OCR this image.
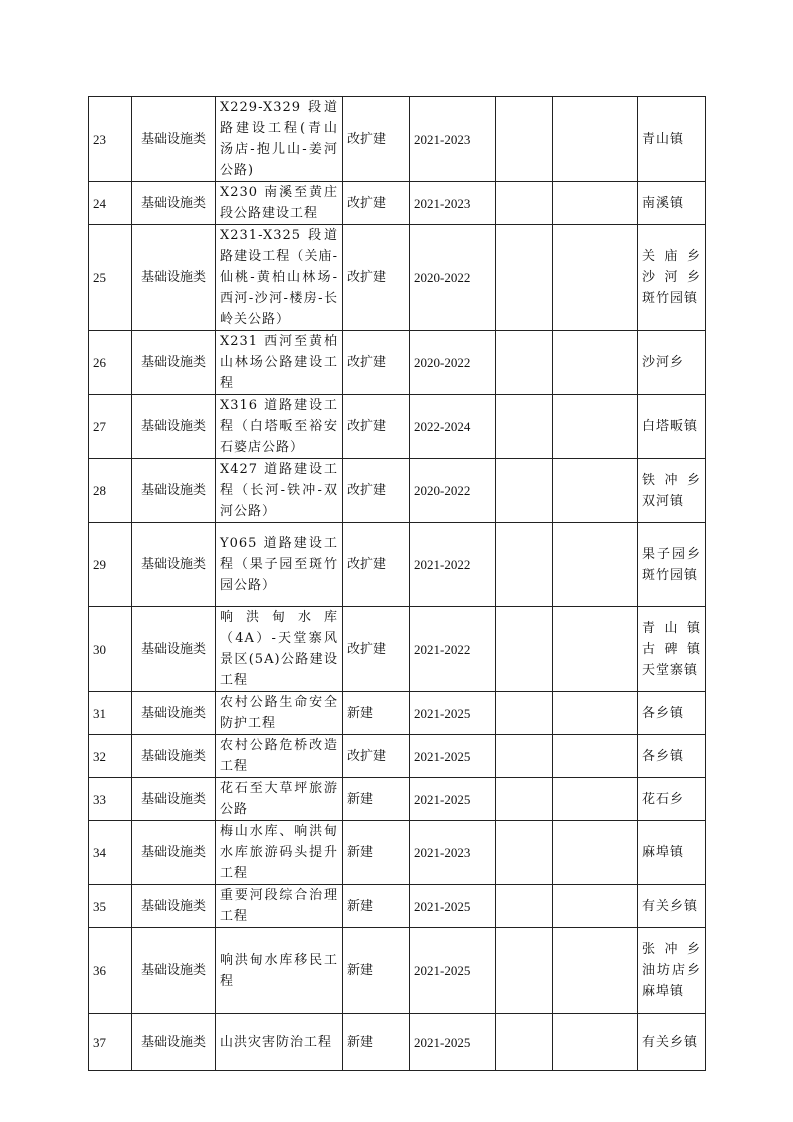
23	基础设施类	X229-X329 段道路建设工程(青山汤店-抱儿山-姜河公路)	改扩建	2021-2023			青山镇
24	基础设施类	X230 南溪至黄庄段公路建设工程	改扩建	2021-2023			南溪镇
25	基础设施类	X231-X325 段道路建设工程（关庙-仙桃-黄柏山林场-西河-沙河-楼房-长岭关公路）	改扩建	2020-2022			关庙乡 沙河乡 斑竹园镇
26	基础设施类	X231 西河至黄柏山林场公路建设工程	改扩建	2020-2022			沙河乡
27	基础设施类	X316 道路建设工程（白塔畈至裕安石婆店公路）	改扩建	2022-2024			白塔畈镇
28	基础设施类	X427 道路建设工程（长河-铁冲-双河公路）	改扩建	2020-2022			铁冲乡 双河镇
29	基础设施类	Y065 道路建设工程（果子园至斑竹园公路）	改扩建	2021-2022			果子园乡 斑竹园镇
30	基础设施类	响洪甸水库（4A）-天堂寨风景区(5A)公路建设工程	改扩建	2021-2022			青山镇 古碑镇 天堂寨镇
31	基础设施类	农村公路生命安全防护工程	新建	2021-2025			各乡镇
32	基础设施类	农村公路危桥改造工程	改扩建	2021-2025			各乡镇
33	基础设施类	花石至大草坪旅游公路	新建	2021-2025			花石乡
34	基础设施类	梅山水库、响洪甸水库旅游码头提升工程	新建	2021-2023			麻埠镇
35	基础设施类	重要河段综合治理工程	新建	2021-2025			有关乡镇
36	基础设施类	响洪甸水库移民工程	新建	2021-2025			张冲乡 油坊店乡 麻埠镇
37	基础设施类	山洪灾害防治工程	新建	2021-2025			有关乡镇
